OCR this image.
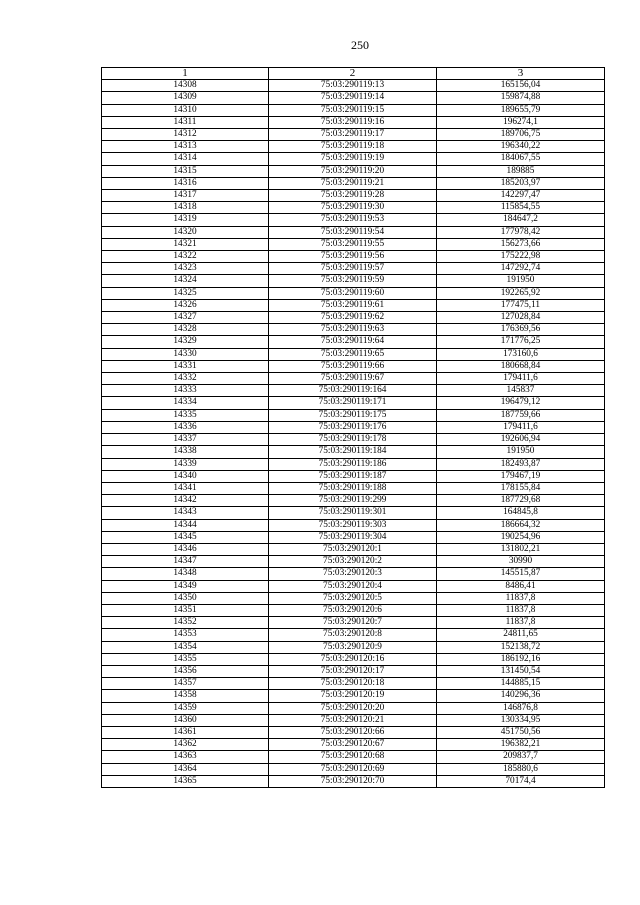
250
1	2	3
14308	75:03:290119:13	165156,04
14309	75:03:290119:14	159874,88
14310	75:03:290119:15	189655,79
14311	75:03:290119:16	196274,1
14312	75:03:290119:17	189706,75
14313	75:03:290119:18	196340,22
14314	75:03:290119:19	184067,55
14315	75:03:290119:20	189885
14316	75:03:290119:21	185203,97
14317	75:03:290119:28	142297,47
14318	75:03:290119:30	115854,55
14319	75:03:290119:53	184647,2
14320	75:03:290119:54	177978,42
14321	75:03:290119:55	156273,66
14322	75:03:290119:56	175222,98
14323	75:03:290119:57	147292,74
14324	75:03:290119:59	191950
14325	75:03:290119:60	192265,92
14326	75:03:290119:61	177475,11
14327	75:03:290119:62	127028,84
14328	75:03:290119:63	176369,56
14329	75:03:290119:64	171776,25
14330	75:03:290119:65	173160,6
14331	75:03:290119:66	180668,84
14332	75:03:290119:67	179411,6
14333	75:03:290119:164	145837
14334	75:03:290119:171	196479,12
14335	75:03:290119:175	187759,66
14336	75:03:290119:176	179411,6
14337	75:03:290119:178	192606,94
14338	75:03:290119:184	191950
14339	75:03:290119:186	182493,87
14340	75:03:290119:187	179467,19
14341	75:03:290119:188	178155,84
14342	75:03:290119:299	187729,68
14343	75:03:290119:301	164845,8
14344	75:03:290119:303	186664,32
14345	75:03:290119:304	190254,96
14346	75:03:290120:1	131802,21
14347	75:03:290120:2	30990
14348	75:03:290120:3	145515,87
14349	75:03:290120:4	8486,41
14350	75:03:290120:5	11837,8
14351	75:03:290120:6	11837,8
14352	75:03:290120:7	11837,8
14353	75:03:290120:8	24811,65
14354	75:03:290120:9	152138,72
14355	75:03:290120:16	186192,16
14356	75:03:290120:17	131450,54
14357	75:03:290120:18	144885,15
14358	75:03:290120:19	140296,36
14359	75:03:290120:20	146876,8
14360	75:03:290120:21	130334,95
14361	75:03:290120:66	451750,56
14362	75:03:290120:67	196382,21
14363	75:03:290120:68	209837,7
14364	75:03:290120:69	185880,6
14365	75:03:290120:70	70174,4
